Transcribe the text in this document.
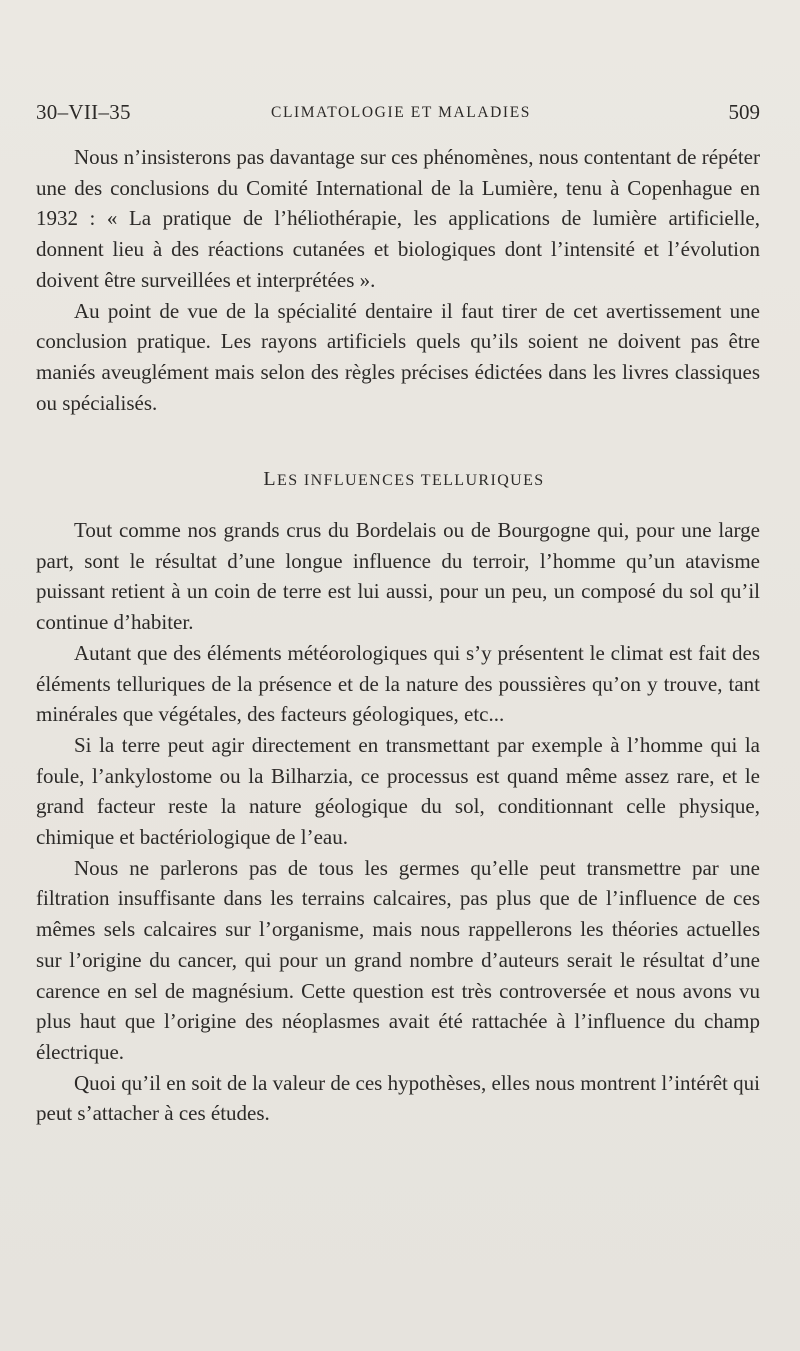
30–VII–35	CLIMATOLOGIE ET MALADIES	509

Nous n’insisterons pas davantage sur ces phénomènes, nous contentant de répéter une des conclusions du Comité International de la Lumière, tenu à Copenhague en 1932 : « La pratique de l’héliothérapie, les applications de lumière artificielle, donnent lieu à des réactions cutanées et biologiques dont l’intensité et l’évolution doivent être surveillées et interprétées ».

Au point de vue de la spécialité dentaire il faut tirer de cet avertissement une conclusion pratique. Les rayons artificiels quels qu’ils soient ne doivent pas être maniés aveuglément mais selon des règles précises édictées dans les livres classiques ou spécialisés.

LES INFLUENCES TELLURIQUES

Tout comme nos grands crus du Bordelais ou de Bourgogne qui, pour une large part, sont le résultat d’une longue influence du terroir, l’homme qu’un atavisme puissant retient à un coin de terre est lui aussi, pour un peu, un composé du sol qu’il continue d’habiter.

Autant que des éléments météorologiques qui s’y présentent le climat est fait des éléments telluriques de la présence et de la nature des poussières qu’on y trouve, tant minérales que végétales, des facteurs géologiques, etc...

Si la terre peut agir directement en transmettant par exemple à l’homme qui la foule, l’ankylostome ou la Bilharzia, ce processus est quand même assez rare, et le grand facteur reste la nature géologique du sol, conditionnant celle physique, chimique et bactériologique de l’eau.

Nous ne parlerons pas de tous les germes qu’elle peut transmettre par une filtration insuffisante dans les terrains calcaires, pas plus que de l’influence de ces mêmes sels calcaires sur l’organisme, mais nous rappellerons les théories actuelles sur l’origine du cancer, qui pour un grand nombre d’auteurs serait le résultat d’une carence en sel de magnésium. Cette question est très controversée et nous avons vu plus haut que l’origine des néoplasmes avait été rattachée à l’influence du champ électrique.

Quoi qu’il en soit de la valeur de ces hypothèses, elles nous montrent l’intérêt qui peut s’attacher à ces études.
